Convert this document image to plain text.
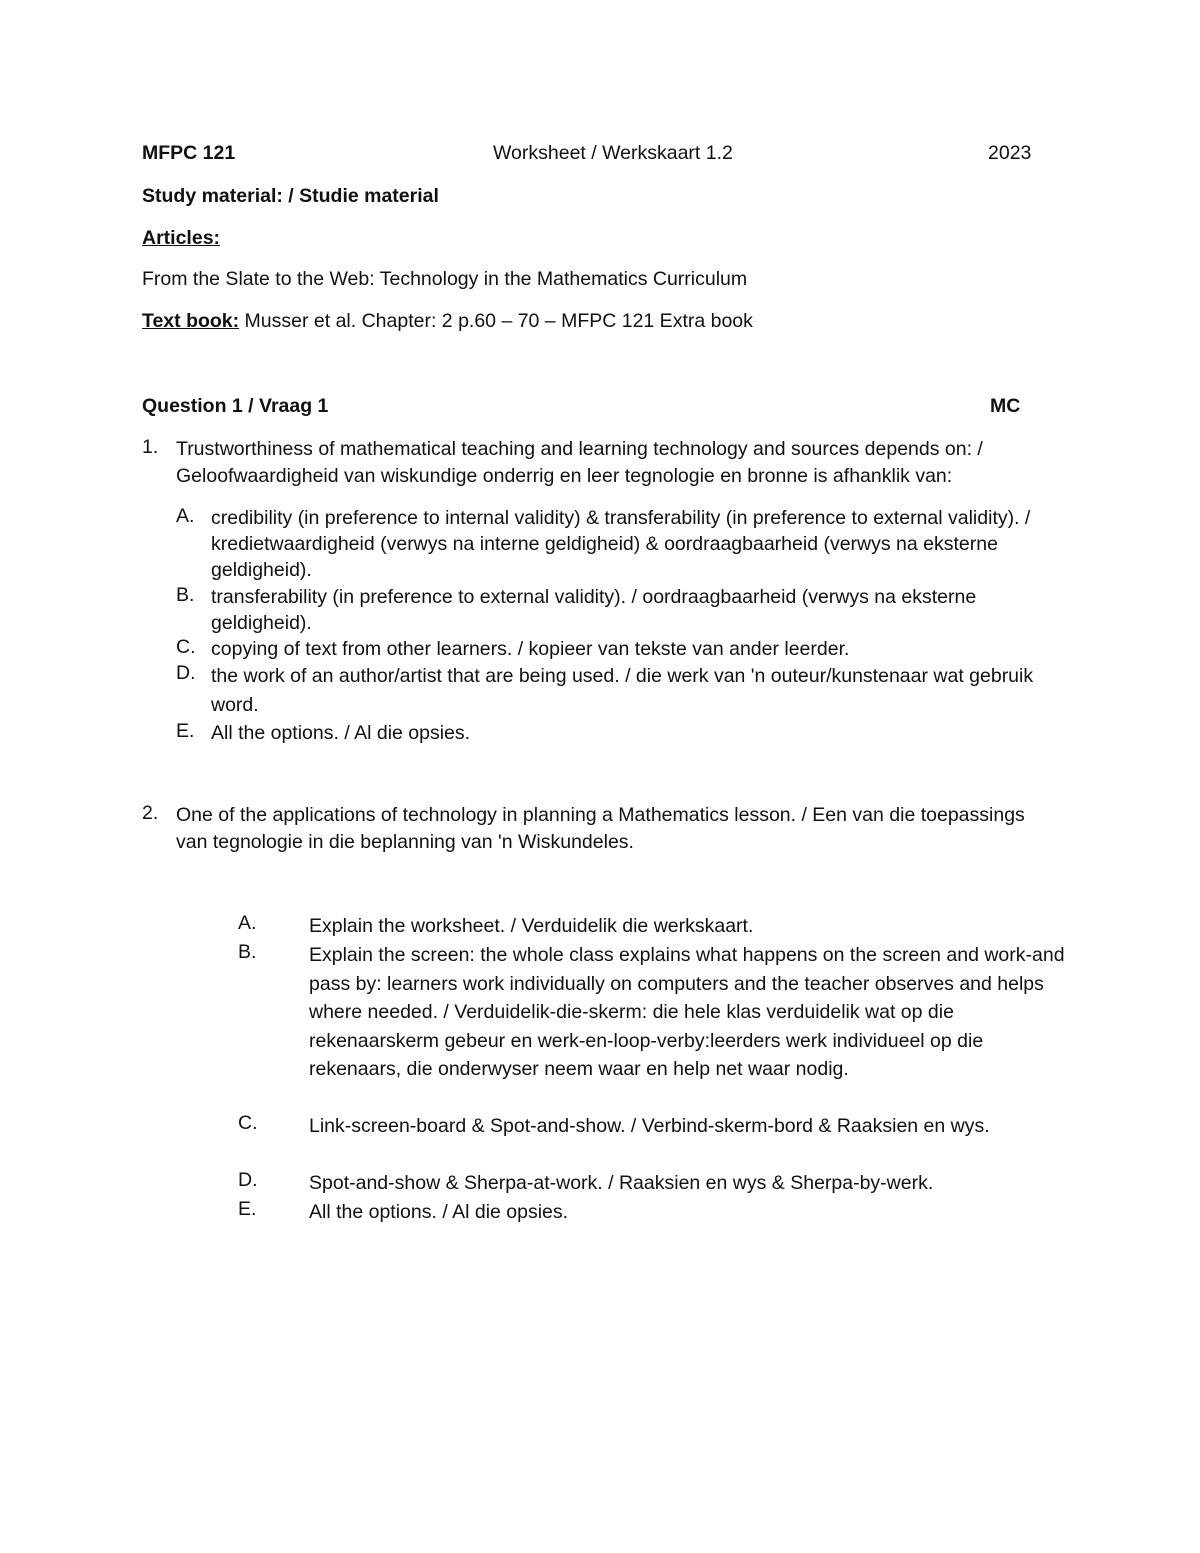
MFPC 121	Worksheet / Werkskaart 1.2	2023
Study material: / Studie material
Articles:
From the Slate to the Web: Technology in the Mathematics Curriculum
Text book: Musser et al. Chapter: 2 p.60 – 70 – MFPC 121 Extra book
Question 1 / Vraag 1	MC
1. Trustworthiness of mathematical teaching and learning technology and sources depends on: / Geloofwaardigheid van wiskundige onderrig en leer tegnologie en bronne is afhanklik van:
A. credibility (in preference to internal validity) & transferability (in preference to external validity). / kredietwaardigheid (verwys na interne geldigheid) & oordraagbaarheid (verwys na eksterne geldigheid).
B. transferability (in preference to external validity). / oordraagbaarheid (verwys na eksterne geldigheid).
C. copying of text from other learners. / kopieer van tekste van ander leerder.
D. the work of an author/artist that are being used. / die werk van 'n outeur/kunstenaar wat gebruik word.
E. All the options. / Al die opsies.
2. One of the applications of technology in planning a Mathematics lesson. / Een van die toepassings van tegnologie in die beplanning van 'n Wiskundeles.
A.	Explain the worksheet. / Verduidelik die werkskaart.
B.	Explain the screen: the whole class explains what happens on the screen and work-and pass by: learners work individually on computers and the teacher observes and helps where needed. / Verduidelik-die-skerm: die hele klas verduidelik wat op die rekenaarskerm gebeur en werk-en-loop-verby:leerders werk individueel op die rekenaars, die onderwyser neem waar en help net waar nodig.
C.	Link-screen-board & Spot-and-show. / Verbind-skerm-bord & Raaksien en wys.
D.	Spot-and-show & Sherpa-at-work. / Raaksien en wys & Sherpa-by-werk.
E.	All the options. / Al die opsies.
